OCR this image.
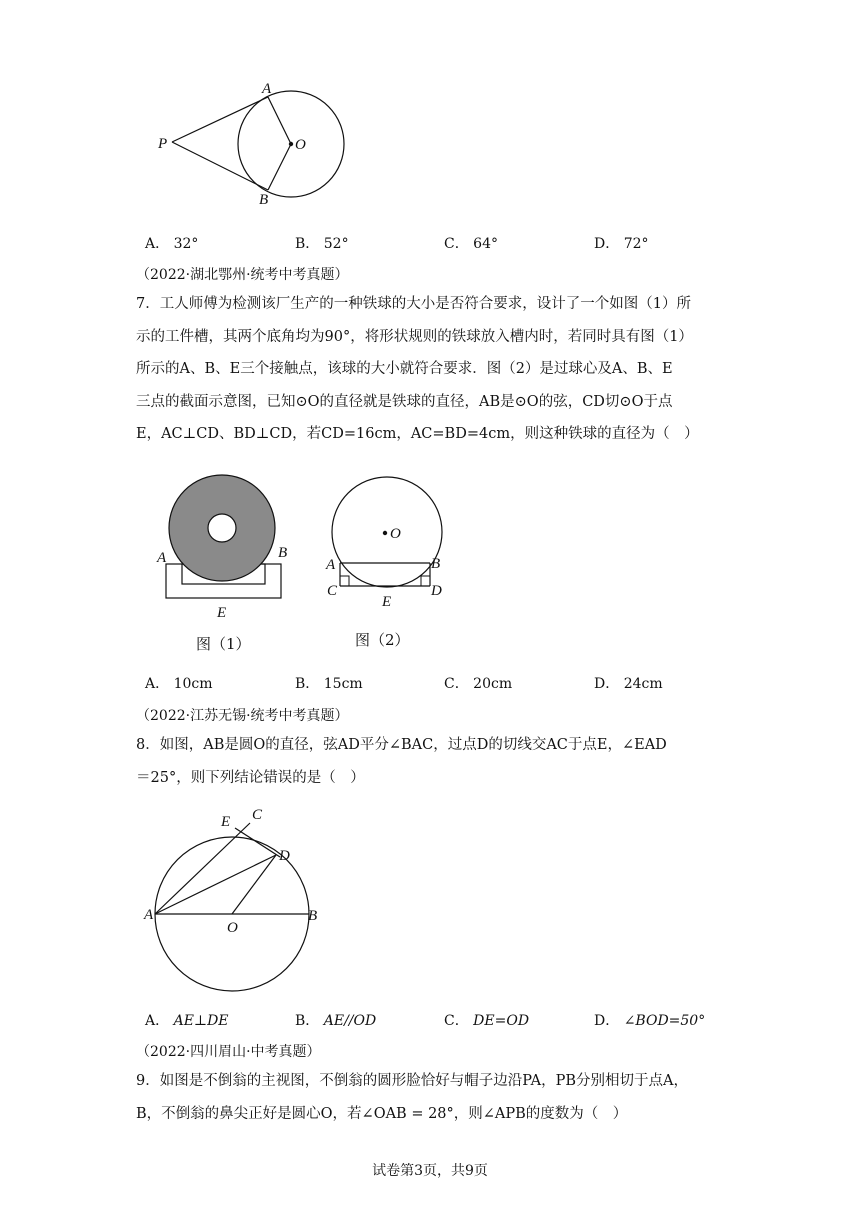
A
P	O
B
A． 32°	B． 52°	C． 64°	D． 72°
（2022·湖北鄂州·统考中考真题）

7．工人师傅为检测该厂生产的一种铁球的大小是否符合要求，设计了一个如图（1）所

示的工件槽，其两个底角均为90°，将形状规则的铁球放入槽内时，若同时具有图（1）

所示的A、B、E三个接触点，该球的大小就符合要求．图（2）是过球心及A、B、E

三点的截面示意图，已知⊙O的直径就是铁球的直径，AB是⊙O的弦，CD切⊙O于点

E，AC⊥CD、BD⊥CD，若CD=16cm，AC=BD=4cm，则这种铁球的直径为（　）

A	B
E
图（1）
O
A	B
C	D
E
图（2）
A． 10cm	B． 15cm	C． 20cm	D． 24cm
（2022·江苏无锡·统考中考真题）

8．如图，AB是圆O的直径，弦AD平分∠BAC，过点D的切线交AC于点E，∠EAD

＝25°，则下列结论错误的是（　）

E C
D
A
O
B
A． AE⊥DE	B． AE//OD	C． DE=OD	D． ∠BOD=50°
（2022·四川眉山·中考真题）

9．如图是不倒翁的主视图，不倒翁的圆形脸恰好与帽子边沿PA，PB分别相切于点A，

B，不倒翁的鼻尖正好是圆心O，若∠OAB = 28°，则∠APB的度数为（　）

试卷第3页，共9页
